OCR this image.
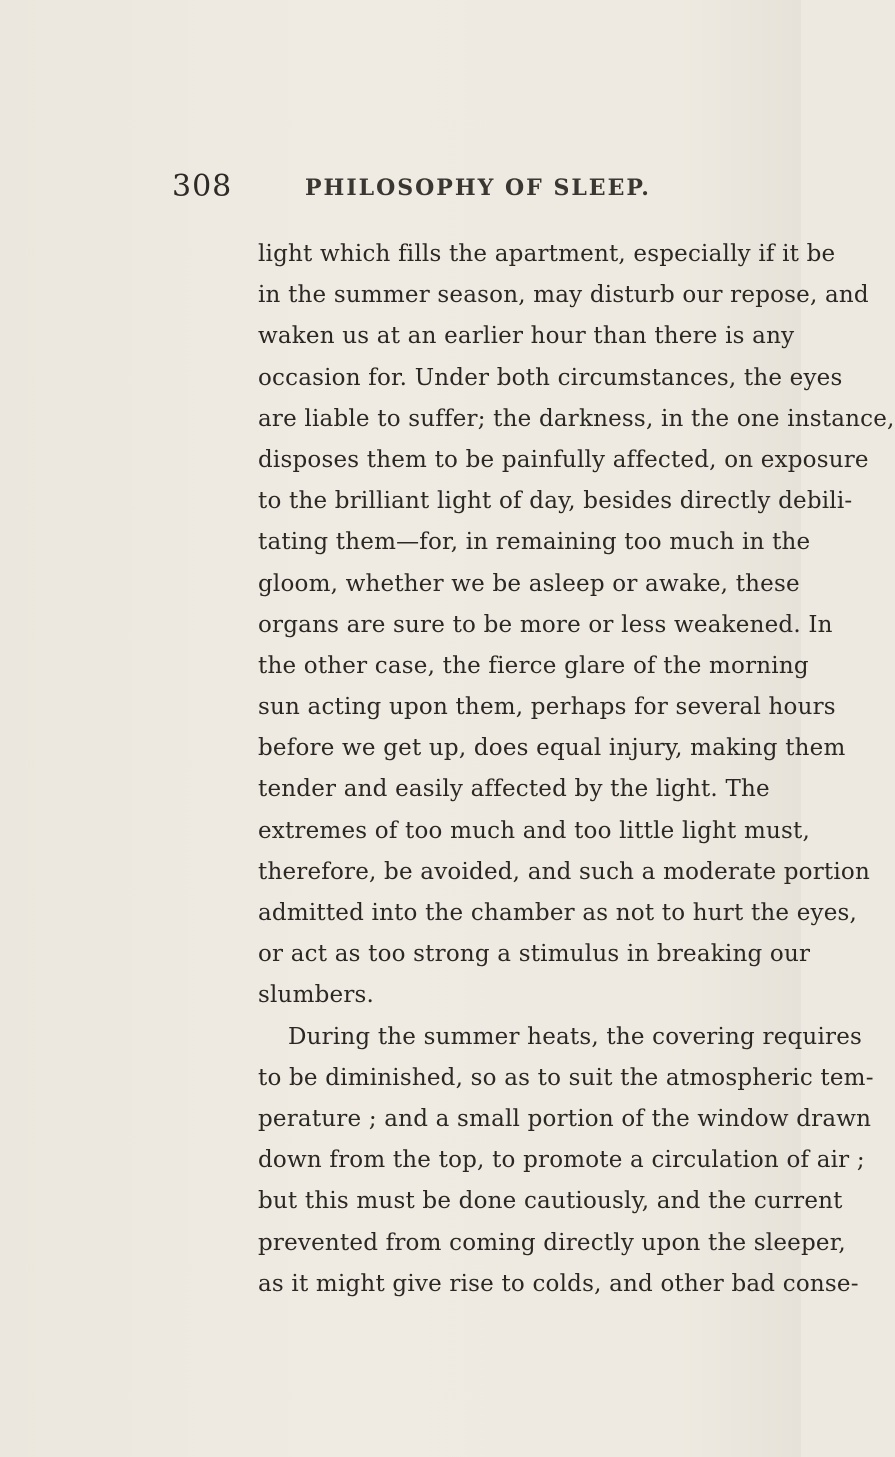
308	PHILOSOPHY OF SLEEP.
light which fills the apartment, especially if it be
in the summer season, may disturb our repose, and
waken us at an earlier hour than there is any
occasion for. Under both circumstances, the eyes
are liable to suffer; the darkness, in the one instance,
disposes them to be painfully affected, on exposure
to the brilliant light of day, besides directly debili-
tating them—for, in remaining too much in the
gloom, whether we be asleep or awake, these
organs are sure to be more or less weakened. In
the other case, the fierce glare of the morning
sun acting upon them, perhaps for several hours
before we get up, does equal injury, making them
tender and easily affected by the light. The
extremes of too much and too little light must,
therefore, be avoided, and such a moderate portion
admitted into the chamber as not to hurt the eyes,
or act as too strong a stimulus in breaking our
slumbers.
During the summer heats, the covering requires
to be diminished, so as to suit the atmospheric tem-
perature ; and a small portion of the window drawn
down from the top, to promote a circulation of air ;
but this must be done cautiously, and the current
prevented from coming directly upon the sleeper,
as it might give rise to colds, and other bad conse-
